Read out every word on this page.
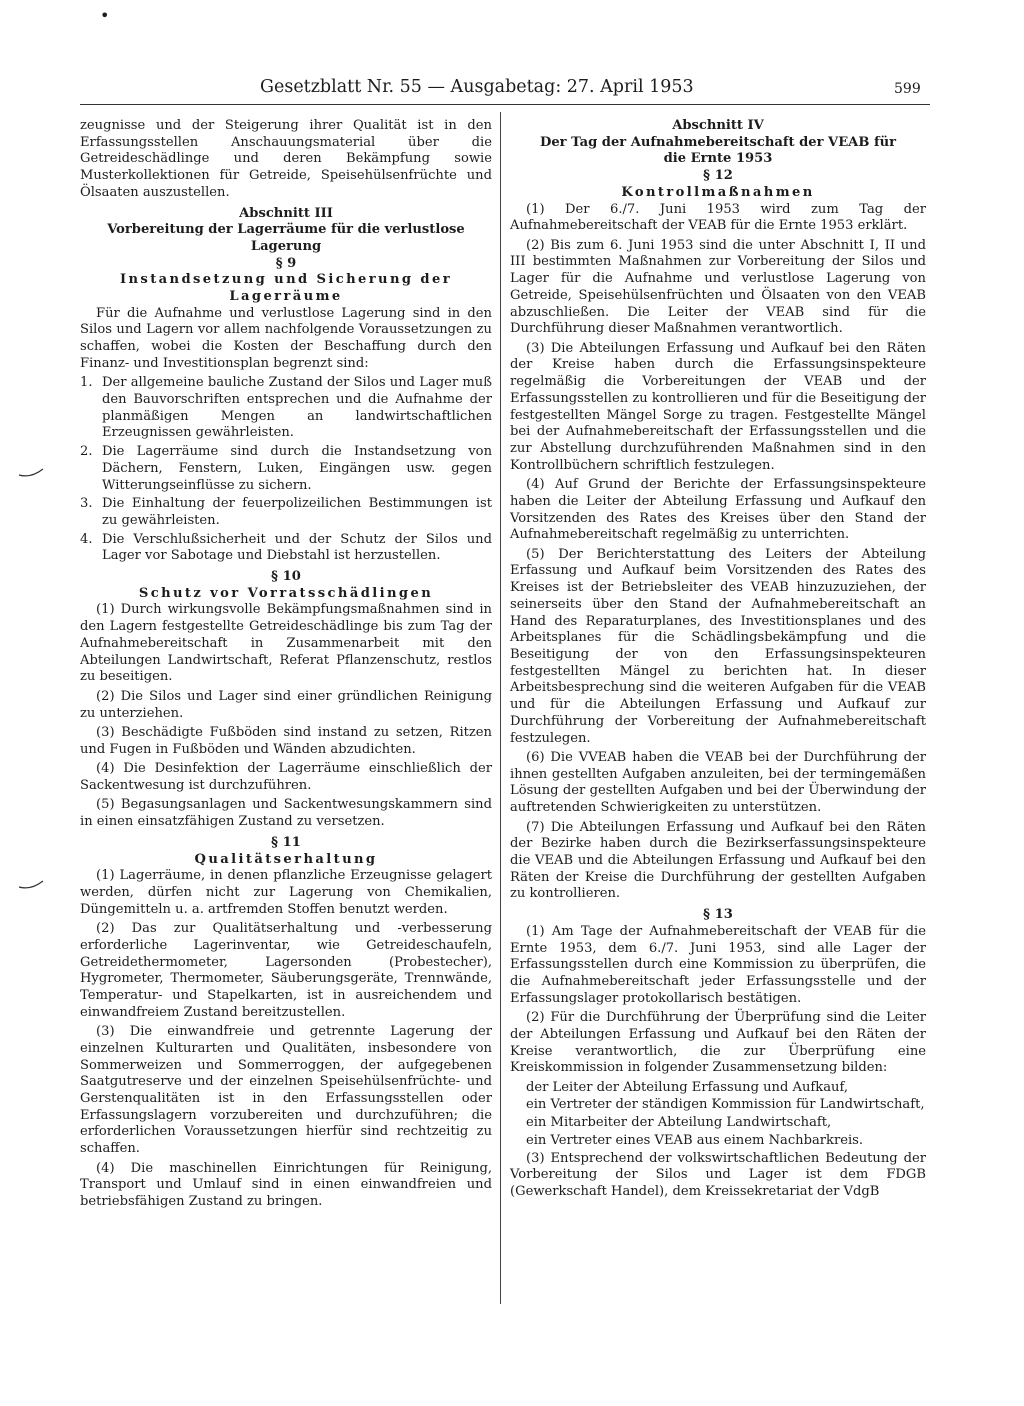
•
Gesetzblatt Nr. 55 — Ausgabetag: 27. April 1953	599

zeugnisse und der Steigerung ihrer Qualität ist in den Erfassungsstellen Anschauungsmaterial über die Getreideschädlinge und deren Bekämpfung sowie Musterkollektionen für Getreide, Speisehülsenfrüchte und Ölsaaten auszustellen.

Abschnitt III

Vorbereitung der Lagerräume für die verlustlose Lagerung

§ 9

Instandsetzung und Sicherung der Lagerräume

Für die Aufnahme und verlustlose Lagerung sind in den Silos und Lagern vor allem nachfolgende Voraussetzungen zu schaffen, wobei die Kosten der Beschaffung durch den Finanz- und Investitionsplan begrenzt sind:

1. Der allgemeine bauliche Zustand der Silos und Lager muß den Bauvorschriften entsprechen und die Aufnahme der planmäßigen Mengen an landwirtschaftlichen Erzeugnissen gewährleisten.
2. Die Lagerräume sind durch die Instandsetzung von Dächern, Fenstern, Luken, Eingängen usw. gegen Witterungseinflüsse zu sichern.
3. Die Einhaltung der feuerpolizeilichen Bestimmungen ist zu gewährleisten.
4. Die Verschlußsicherheit und der Schutz der Silos und Lager vor Sabotage und Diebstahl ist herzustellen.

§ 10

Schutz vor Vorratsschädlingen

(1) Durch wirkungsvolle Bekämpfungsmaßnahmen sind in den Lagern festgestellte Getreideschädlinge bis zum Tag der Aufnahmebereitschaft in Zusammenarbeit mit den Abteilungen Landwirtschaft, Referat Pflanzenschutz, restlos zu beseitigen.

(2) Die Silos und Lager sind einer gründlichen Reinigung zu unterziehen.

(3) Beschädigte Fußböden sind instand zu setzen, Ritzen und Fugen in Fußböden und Wänden abzudichten.

(4) Die Desinfektion der Lagerräume einschließlich der Sackentwesung ist durchzuführen.

(5) Begasungsanlagen und Sackentwesungskammern sind in einen einsatzfähigen Zustand zu versetzen.

§ 11

Qualitätserhaltung

(1) Lagerräume, in denen pflanzliche Erzeugnisse gelagert werden, dürfen nicht zur Lagerung von Chemikalien, Düngemitteln u. a. artfremden Stoffen benutzt werden.

(2) Das zur Qualitätserhaltung und -verbesserung erforderliche Lagerinventar, wie Getreideschaufeln, Getreidethermometer, Lagersonden (Probestecher), Hygrometer, Thermometer, Säuberungsgeräte, Trennwände, Temperatur- und Stapelkarten, ist in ausreichendem und einwandfreiem Zustand bereitzustellen.

(3) Die einwandfreie und getrennte Lagerung der einzelnen Kulturarten und Qualitäten, insbesondere von Sommerweizen und Sommerroggen, der aufgegebenen Saatgutreserve und der einzelnen Speisehülsenfrüchte- und Gerstenqualitäten ist in den Erfassungsstellen oder Erfassungslagern vorzubereiten und durchzuführen; die erforderlichen Voraussetzungen hierfür sind rechtzeitig zu schaffen.

(4) Die maschinellen Einrichtungen für Reinigung, Transport und Umlauf sind in einen einwandfreien und betriebsfähigen Zustand zu bringen.

Abschnitt IV

Der Tag der Aufnahmebereitschaft der VEAB für die Ernte 1953

§ 12

Kontrollmaßnahmen

(1) Der 6./7. Juni 1953 wird zum Tag der Aufnahmebereitschaft der VEAB für die Ernte 1953 erklärt.

(2) Bis zum 6. Juni 1953 sind die unter Abschnitt I, II und III bestimmten Maßnahmen zur Vorbereitung der Silos und Lager für die Aufnahme und verlustlose Lagerung von Getreide, Speisehülsenfrüchten und Ölsaaten von den VEAB abzuschließen. Die Leiter der VEAB sind für die Durchführung dieser Maßnahmen verantwortlich.

(3) Die Abteilungen Erfassung und Aufkauf bei den Räten der Kreise haben durch die Erfassungsinspekteure regelmäßig die Vorbereitungen der VEAB und der Erfassungsstellen zu kontrollieren und für die Beseitigung der festgestellten Mängel Sorge zu tragen. Festgestellte Mängel bei der Aufnahmebereitschaft der Erfassungsstellen und die zur Abstellung durchzuführenden Maßnahmen sind in den Kontrollbüchern schriftlich festzulegen.

(4) Auf Grund der Berichte der Erfassungsinspekteure haben die Leiter der Abteilung Erfassung und Aufkauf den Vorsitzenden des Rates des Kreises über den Stand der Aufnahmebereitschaft regelmäßig zu unterrichten.

(5) Der Berichterstattung des Leiters der Abteilung Erfassung und Aufkauf beim Vorsitzenden des Rates des Kreises ist der Betriebsleiter des VEAB hinzuzuziehen, der seinerseits über den Stand der Aufnahmebereitschaft an Hand des Reparaturplanes, des Investitionsplanes und des Arbeitsplanes für die Schädlingsbekämpfung und die Beseitigung der von den Erfassungsinspekteuren festgestellten Mängel zu berichten hat. In dieser Arbeitsbesprechung sind die weiteren Aufgaben für die VEAB und für die Abteilungen Erfassung und Aufkauf zur Durchführung der Vorbereitung der Aufnahmebereitschaft festzulegen.

(6) Die VVEAB haben die VEAB bei der Durchführung der ihnen gestellten Aufgaben anzuleiten, bei der termingemäßen Lösung der gestellten Aufgaben und bei der Überwindung der auftretenden Schwierigkeiten zu unterstützen.

(7) Die Abteilungen Erfassung und Aufkauf bei den Räten der Bezirke haben durch die Bezirkserfassungsinspekteure die VEAB und die Abteilungen Erfassung und Aufkauf bei den Räten der Kreise die Durchführung der gestellten Aufgaben zu kontrollieren.

§ 13

(1) Am Tage der Aufnahmebereitschaft der VEAB für die Ernte 1953, dem 6./7. Juni 1953, sind alle Lager der Erfassungsstellen durch eine Kommission zu überprüfen, die die Aufnahmebereitschaft jeder Erfassungsstelle und der Erfassungslager protokollarisch bestätigen.

(2) Für die Durchführung der Überprüfung sind die Leiter der Abteilungen Erfassung und Aufkauf bei den Räten der Kreise verantwortlich, die zur Überprüfung eine Kreiskommission in folgender Zusammensetzung bilden:

der Leiter der Abteilung Erfassung und Aufkauf,
ein Vertreter der ständigen Kommission für Landwirtschaft,
ein Mitarbeiter der Abteilung Landwirtschaft,
ein Vertreter eines VEAB aus einem Nachbarkreis.

(3) Entsprechend der volkswirtschaftlichen Bedeutung der Vorbereitung der Silos und Lager ist dem FDGB (Gewerkschaft Handel), dem Kreissekretariat der VdgB
